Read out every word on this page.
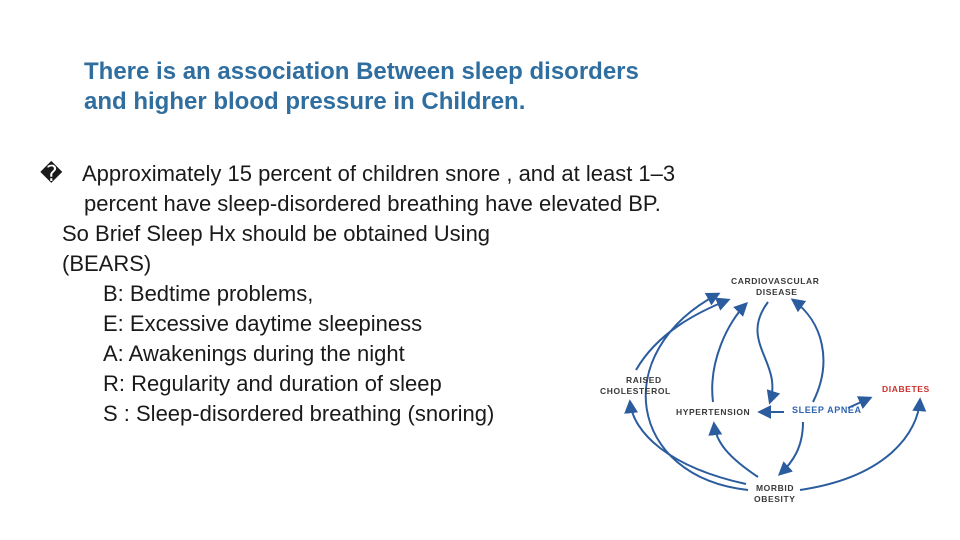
There is an association Between sleep disorders
and higher blood pressure in Children.
� Approximately 15 percent of children snore , and at least 1–3
percent have sleep-disordered breathing have elevated BP.
So Brief Sleep Hx should be obtained Using
(BEARS)
B: Bedtime problems,
E: Excessive daytime sleepiness
A: Awakenings during the night
R: Regularity and duration of sleep
S : Sleep-disordered breathing (snoring)
CARDIOVASCULAR
DISEASE
RAISED
CHOLESTEROL
HYPERTENSION	SLEEP APNEA
DIABETES
MORBID
OBESITY
